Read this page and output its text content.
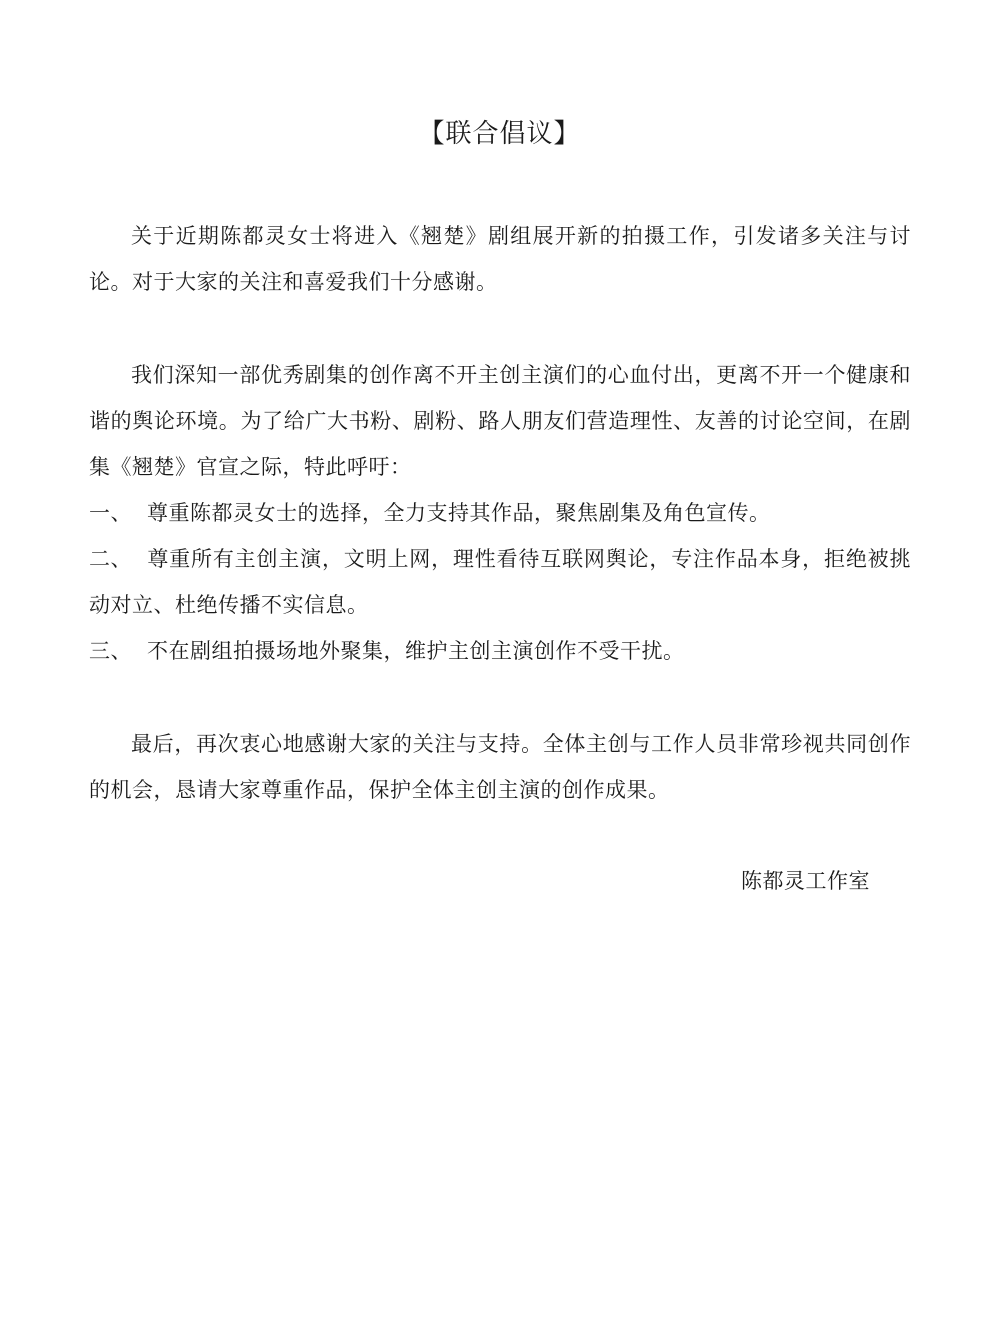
【联合倡议】

关于近期陈都灵女士将进入《翘楚》剧组展开新的拍摄工作，引发诸多关注与讨论。对于大家的关注和喜爱我们十分感谢。

我们深知一部优秀剧集的创作离不开主创主演们的心血付出，更离不开一个健康和谐的舆论环境。为了给广大书粉、剧粉、路人朋友们营造理性、友善的讨论空间，在剧集《翘楚》官宣之际，特此呼吁：

一、 尊重陈都灵女士的选择，全力支持其作品，聚焦剧集及角色宣传。

二、 尊重所有主创主演，文明上网，理性看待互联网舆论，专注作品本身，拒绝被挑动对立、杜绝传播不实信息。

三、 不在剧组拍摄场地外聚集，维护主创主演创作不受干扰。

最后，再次衷心地感谢大家的关注与支持。全体主创与工作人员非常珍视共同创作的机会，恳请大家尊重作品，保护全体主创主演的创作成果。

陈都灵工作室
